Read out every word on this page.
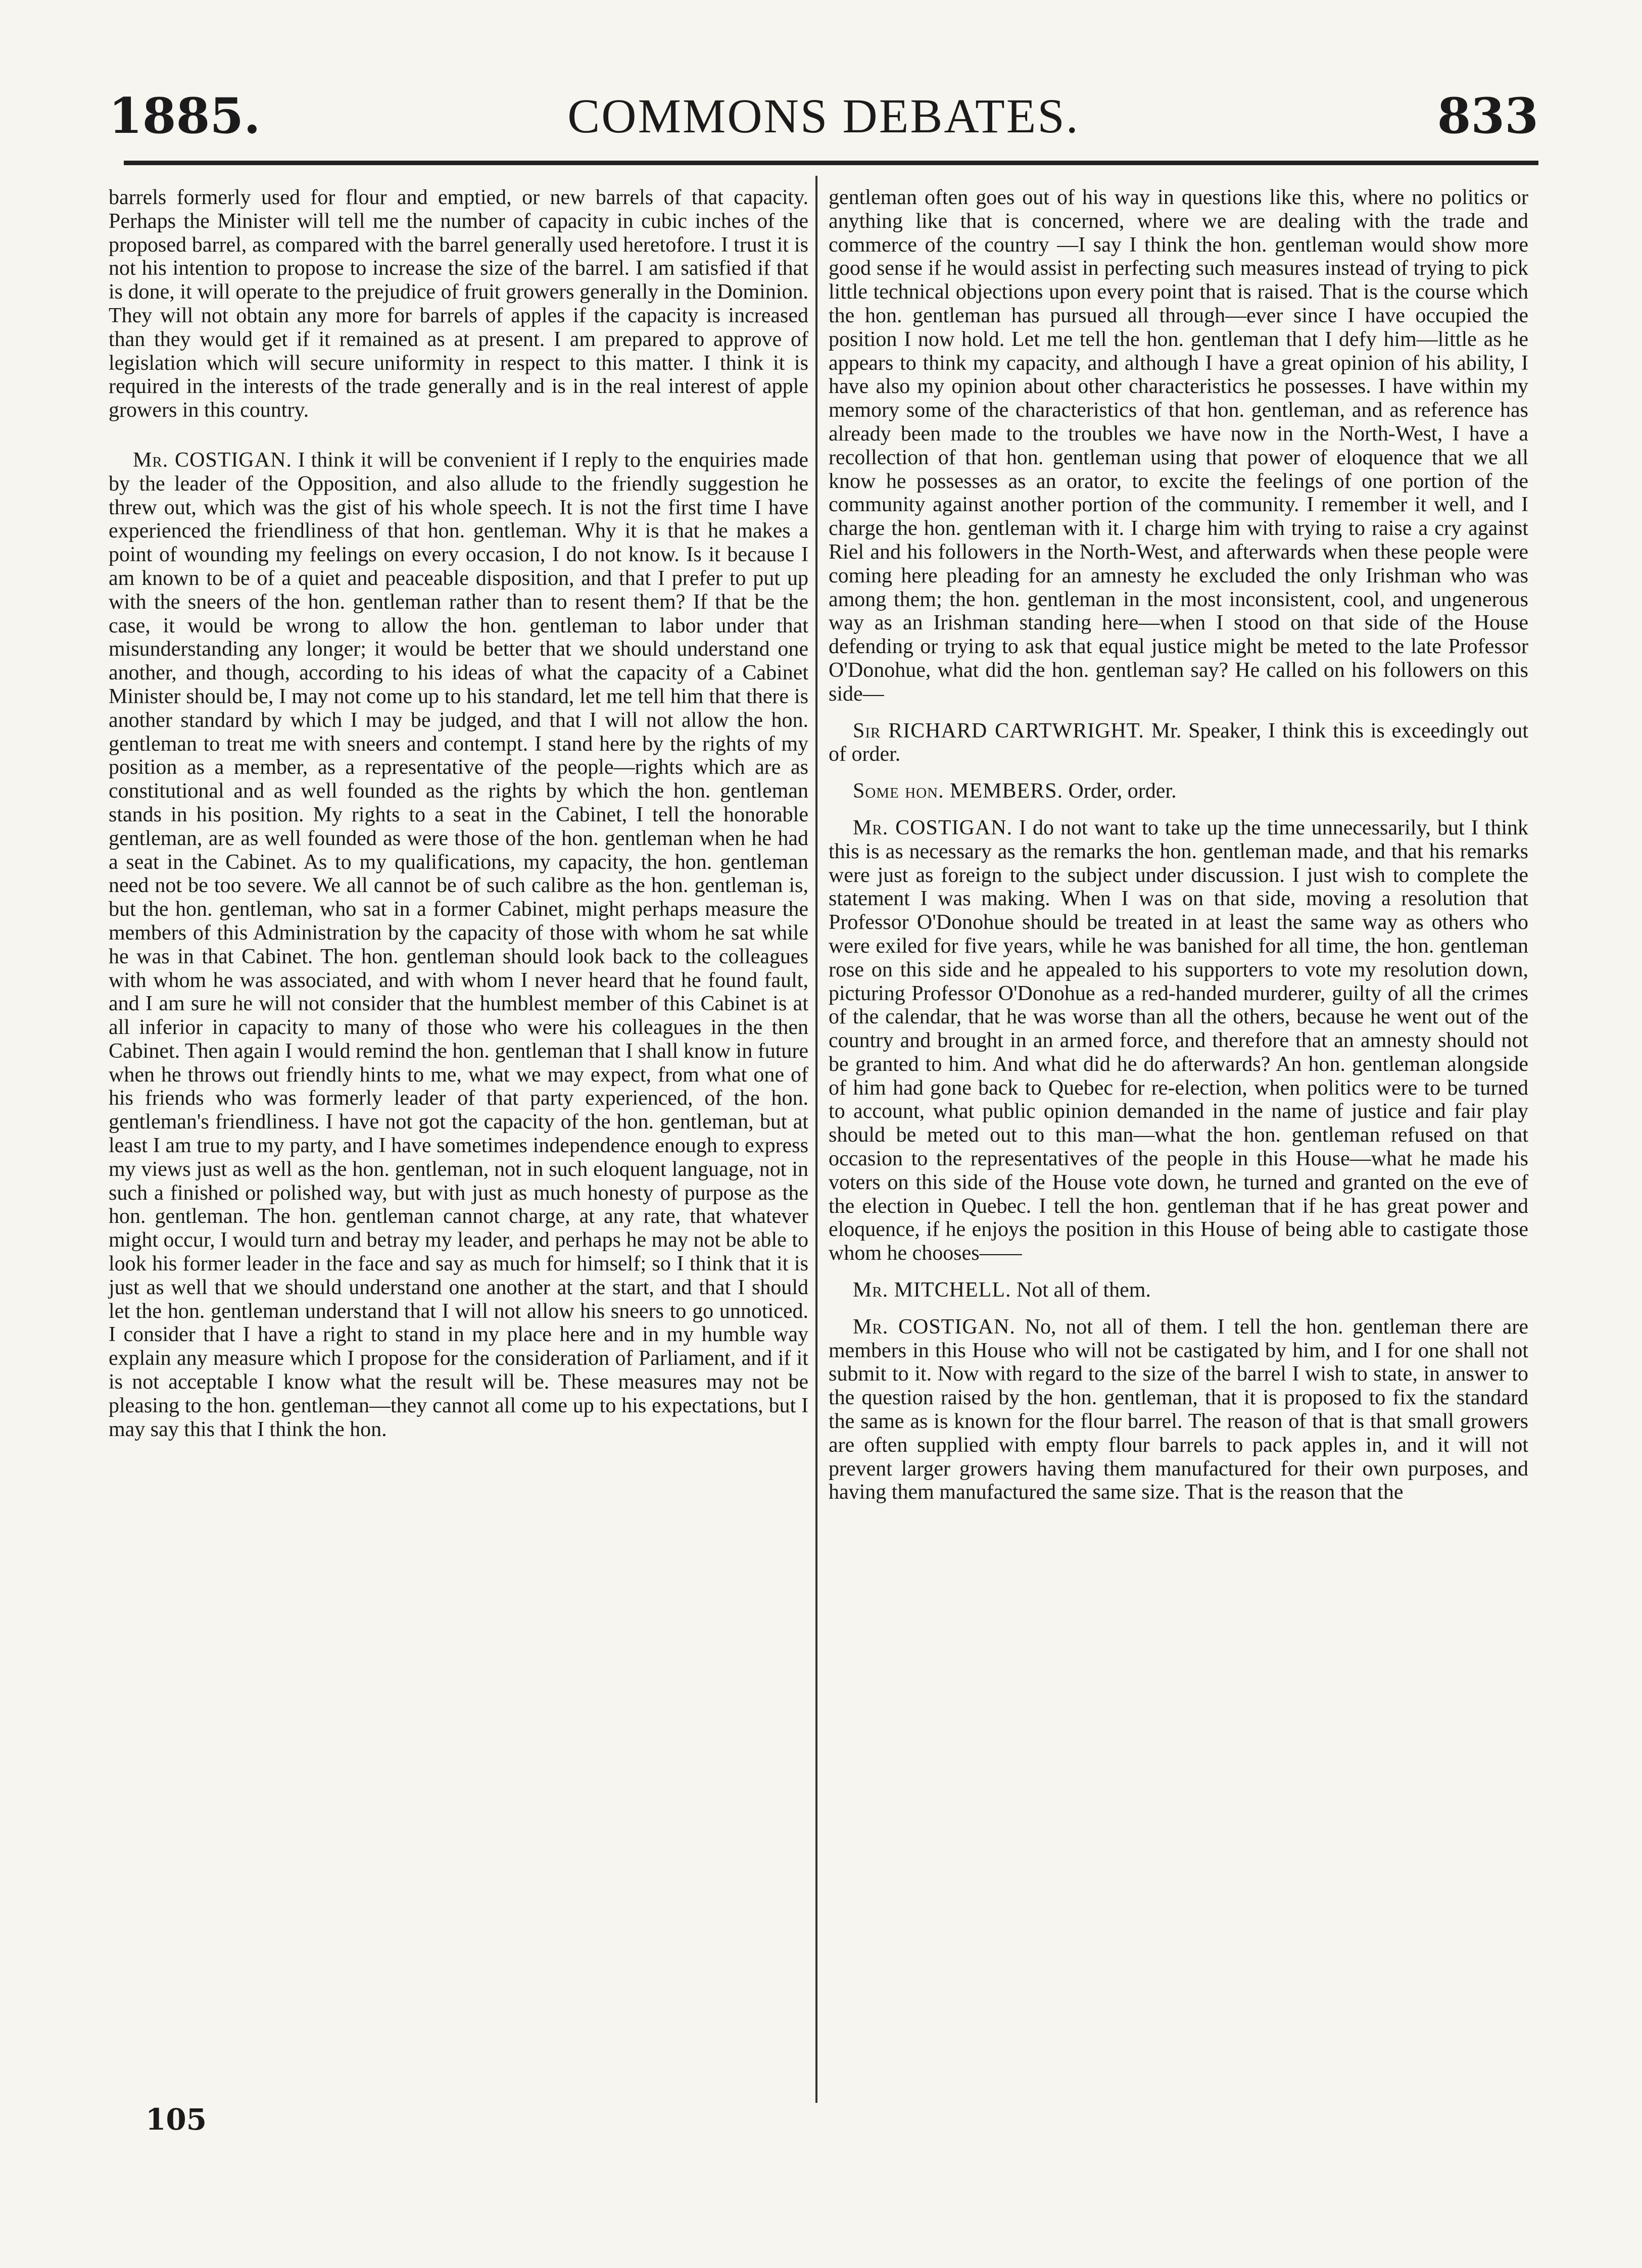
1885.	COMMONS DEBATES.	833

barrels formerly used for flour and emptied, or new barrels of that capacity. Perhaps the Minister will tell me the number of capacity in cubic inches of the proposed barrel, as compared with the barrel generally used heretofore. I trust it is not his intention to propose to increase the size of the barrel. I am satisfied if that is done, it will operate to the prejudice of fruit growers generally in the Dominion. They will not obtain any more for barrels of apples if the capacity is increased than they would get if it remained as at present. I am prepared to approve of legislation which will secure uniformity in respect to this matter. I think it is required in the interests of the trade generally and is in the real interest of apple growers in this country.

Mr. COSTIGAN. I think it will be convenient if I reply to the enquiries made by the leader of the Opposition, and also allude to the friendly suggestion he threw out, which was the gist of his whole speech. It is not the first time I have experienced the friendliness of that hon. gentleman. Why it is that he makes a point of wounding my feelings on every occasion, I do not know. Is it because I am known to be of a quiet and peaceable disposition, and that I prefer to put up with the sneers of the hon. gentleman rather than to resent them? If that be the case, it would be wrong to allow the hon. gentleman to labor under that misunderstanding any longer; it would be better that we should understand one another, and though, according to his ideas of what the capacity of a Cabinet Minister should be, I may not come up to his standard, let me tell him that there is another standard by which I may be judged, and that I will not allow the hon. gentleman to treat me with sneers and contempt. I stand here by the rights of my position as a member, as a representative of the people—rights which are as constitutional and as well founded as the rights by which the hon. gentleman stands in his position. My rights to a seat in the Cabinet, I tell the honorable gentleman, are as well founded as were those of the hon. gentleman when he had a seat in the Cabinet. As to my qualifications, my capacity, the hon. gentleman need not be too severe. We all cannot be of such calibre as the hon. gentleman is, but the hon. gentleman, who sat in a former Cabinet, might perhaps measure the members of this Administration by the capacity of those with whom he sat while he was in that Cabinet. The hon. gentleman should look back to the colleagues with whom he was associated, and with whom I never heard that he found fault, and I am sure he will not consider that the humblest member of this Cabinet is at all inferior in capacity to many of those who were his colleagues in the then Cabinet. Then again I would remind the hon. gentleman that I shall know in future when he throws out friendly hints to me, what we may expect, from what one of his friends who was formerly leader of that party experienced, of the hon. gentleman's friendliness. I have not got the capacity of the hon. gentleman, but at least I am true to my party, and I have sometimes independence enough to express my views just as well as the hon. gentleman, not in such eloquent language, not in such a finished or polished way, but with just as much honesty of purpose as the hon. gentleman. The hon. gentleman cannot charge, at any rate, that whatever might occur, I would turn and betray my leader, and perhaps he may not be able to look his former leader in the face and say as much for himself; so I think that it is just as well that we should understand one another at the start, and that I should let the hon. gentleman understand that I will not allow his sneers to go unnoticed. I consider that I have a right to stand in my place here and in my humble way explain any measure which I propose for the consideration of Parliament, and if it is not acceptable I know what the result will be. These measures may not be pleasing to the hon. gentleman—they cannot all come up to his expectations, but I may say this that I think the hon.

gentleman often goes out of his way in questions like this, where no politics or anything like that is concerned, where we are dealing with the trade and commerce of the country —I say I think the hon. gentleman would show more good sense if he would assist in perfecting such measures instead of trying to pick little technical objections upon every point that is raised. That is the course which the hon. gentleman has pursued all through—ever since I have occupied the position I now hold. Let me tell the hon. gentleman that I defy him—little as he appears to think my capacity, and although I have a great opinion of his ability, I have also my opinion about other characteristics he possesses. I have within my memory some of the characteristics of that hon. gentleman, and as reference has already been made to the troubles we have now in the North-West, I have a recollection of that hon. gentleman using that power of eloquence that we all know he possesses as an orator, to excite the feelings of one portion of the community against another portion of the community. I remember it well, and I charge the hon. gentleman with it. I charge him with trying to raise a cry against Riel and his followers in the North-West, and afterwards when these people were coming here pleading for an amnesty he excluded the only Irishman who was among them; the hon. gentleman in the most inconsistent, cool, and ungenerous way as an Irishman standing here—when I stood on that side of the House defending or trying to ask that equal justice might be meted to the late Professor O'Donohue, what did the hon. gentleman say? He called on his followers on this side—

Sir RICHARD CARTWRIGHT. Mr. Speaker, I think this is exceedingly out of order.

Some hon. MEMBERS. Order, order.

Mr. COSTIGAN. I do not want to take up the time unnecessarily, but I think this is as necessary as the remarks the hon. gentleman made, and that his remarks were just as foreign to the subject under discussion. I just wish to complete the statement I was making. When I was on that side, moving a resolution that Professor O'Donohue should be treated in at least the same way as others who were exiled for five years, while he was banished for all time, the hon. gentleman rose on this side and he appealed to his supporters to vote my resolution down, picturing Professor O'Donohue as a red-handed murderer, guilty of all the crimes of the calendar, that he was worse than all the others, because he went out of the country and brought in an armed force, and therefore that an amnesty should not be granted to him. And what did he do afterwards? An hon. gentleman alongside of him had gone back to Quebec for re-election, when politics were to be turned to account, what public opinion demanded in the name of justice and fair play should be meted out to this man—what the hon. gentleman refused on that occasion to the representatives of the people in this House—what he made his voters on this side of the House vote down, he turned and granted on the eve of the election in Quebec. I tell the hon. gentleman that if he has great power and eloquence, if he enjoys the position in this House of being able to castigate those whom he chooses——

Mr. MITCHELL. Not all of them.

Mr. COSTIGAN. No, not all of them. I tell the hon. gentleman there are members in this House who will not be castigated by him, and I for one shall not submit to it. Now with regard to the size of the barrel I wish to state, in answer to the question raised by the hon. gentleman, that it is proposed to fix the standard the same as is known for the flour barrel. The reason of that is that small growers are often supplied with empty flour barrels to pack apples in, and it will not prevent larger growers having them manufactured for their own purposes, and having them manufactured the same size. That is the reason that the

105
